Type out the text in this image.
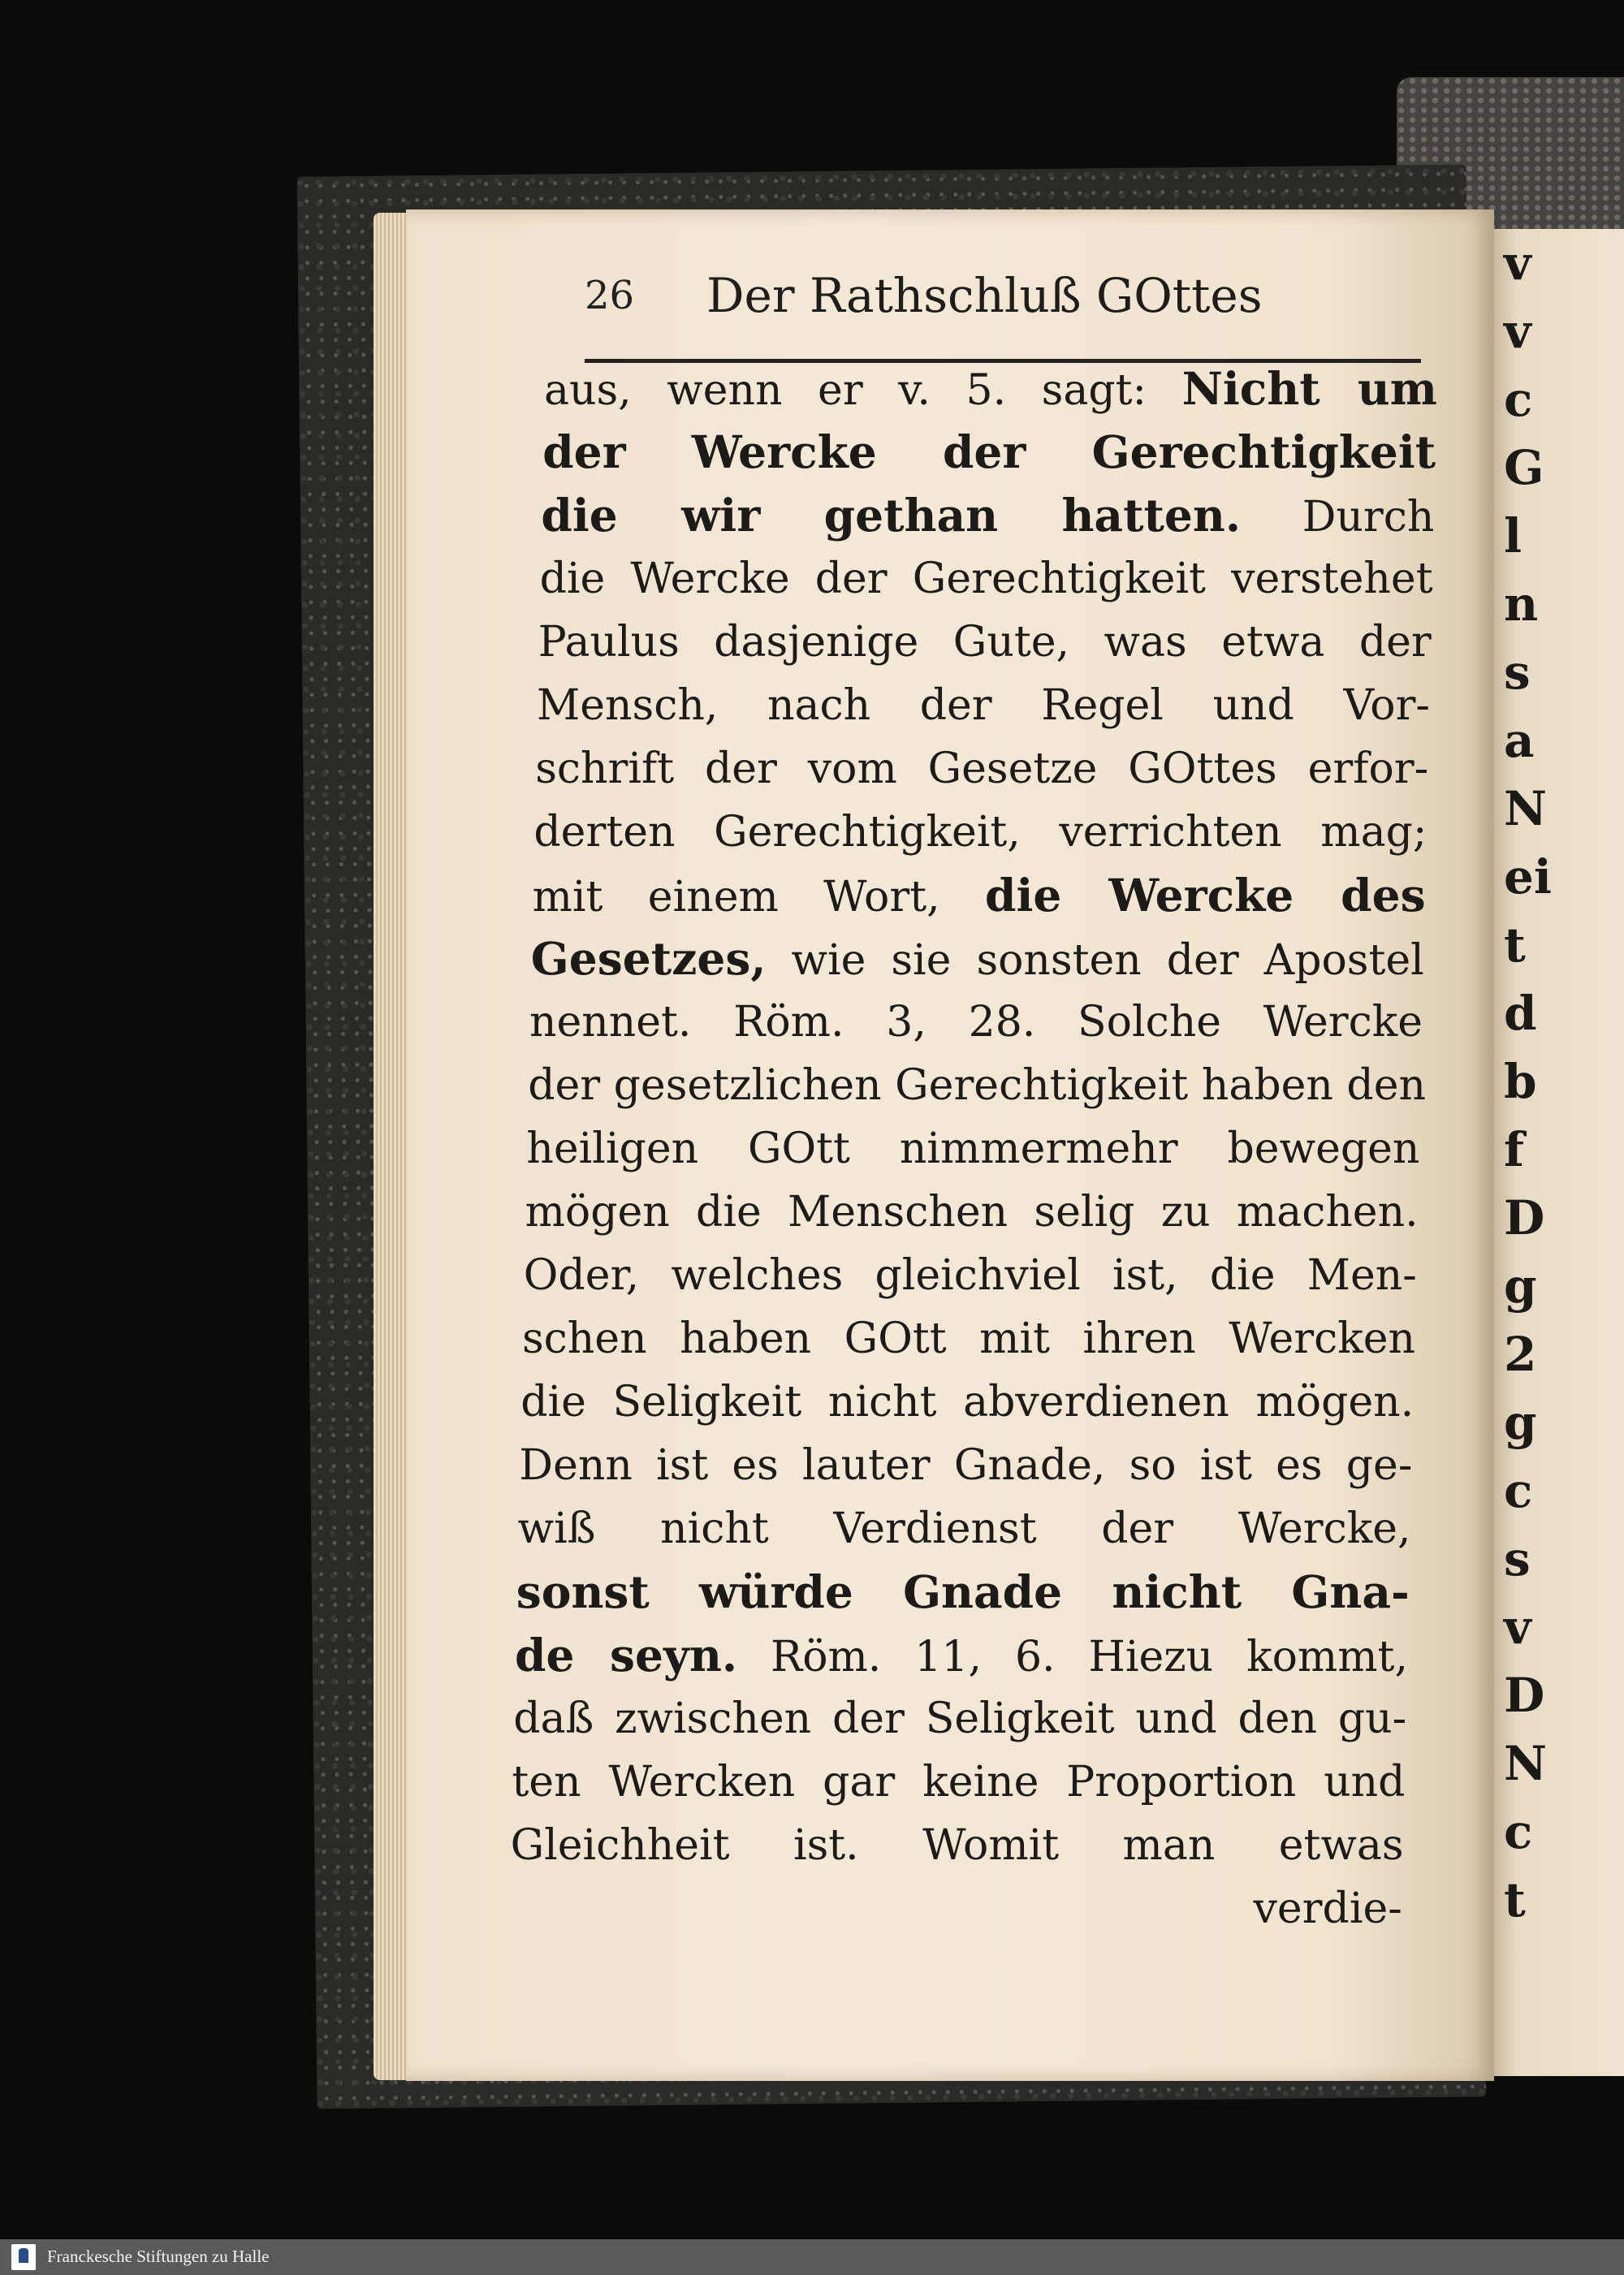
v
v
c
G
l
n
s
a
N
ei
t
d
b
f
D
g
2
g
c
s
v
D
N
c
t
26 Der Rathschluß GOttes
aus, wenn er v. 5. sagt: Nicht um
der Wercke der Gerechtigkeit
die wir gethan hatten. Durch
die Wercke der Gerechtigkeit verstehet
Paulus dasjenige Gute, was etwa der
Mensch, nach der Regel und Vor-
schrift der vom Gesetze GOttes erfor-
derten Gerechtigkeit, verrichten mag;
mit einem Wort, die Wercke des
Gesetzes, wie sie sonsten der Apostel
nennet. Röm. 3, 28. Solche Wercke
der gesetzlichen Gerechtigkeit haben den
heiligen GOtt nimmermehr bewegen
mögen die Menschen selig zu machen.
Oder, welches gleichviel ist, die Men-
schen haben GOtt mit ihren Wercken
die Seligkeit nicht abverdienen mögen.
Denn ist es lauter Gnade, so ist es ge-
wiß nicht Verdienst der Wercke,
sonst würde Gnade nicht Gna-
de seyn. Röm. 11, 6. Hiezu kommt,
daß zwischen der Seligkeit und den gu-
ten Wercken gar keine Proportion und
Gleichheit ist. Womit man etwas
verdie-
Franckesche Stiftungen zu Halle
